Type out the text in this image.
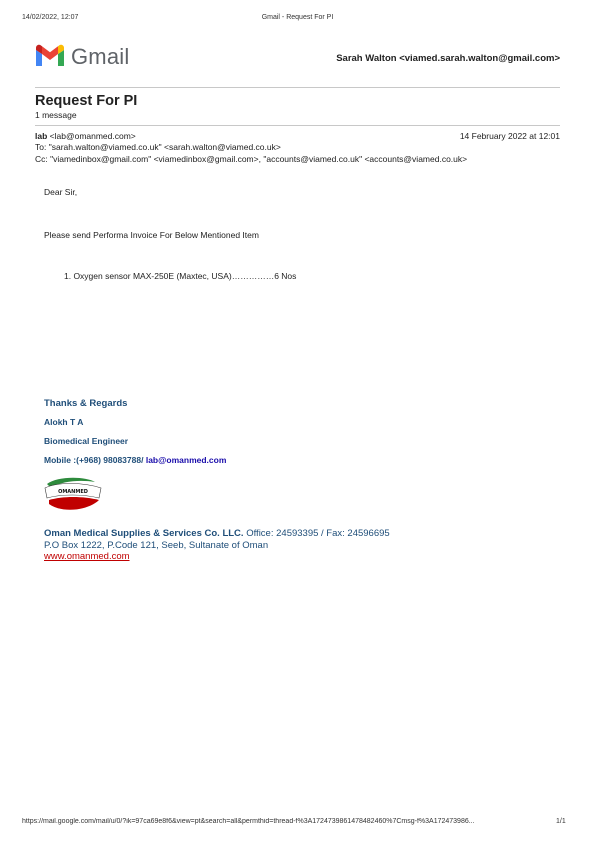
14/02/2022, 12:07	Gmail - Request For PI
Gmail	Sarah Walton <viamed.sarah.walton@gmail.com>
Request For PI
1 message
lab <lab@omanmed.com>	14 February 2022 at 12:01
To: "sarah.walton@viamed.co.uk" <sarah.walton@viamed.co.uk>
Cc: "viamedinbox@gmail.com" <viamedinbox@gmail.com>, "accounts@viamed.co.uk" <accounts@viamed.co.uk>
Dear Sir,
Please send Performa Invoice For Below Mentioned Item
1. Oxygen sensor MAX-250E (Maxtec, USA)……………6 Nos
Thanks & Regards
Alokh T A
Biomedical Engineer
Mobile :(+968) 98083788/ lab@omanmed.com
OMANMED
Oman Medical Supplies & Services Co. LLC. Office: 24593395 / Fax: 24596695
P.O Box 1222, P.Code 121, Seeb, Sultanate of Oman
www.omanmed.com
https://mail.google.com/mail/u/0/?ik=97ca69e8f6&view=pt&search=all&permthid=thread-f%3A1724739861478482460%7Cmsg-f%3A172473986...	1/1
